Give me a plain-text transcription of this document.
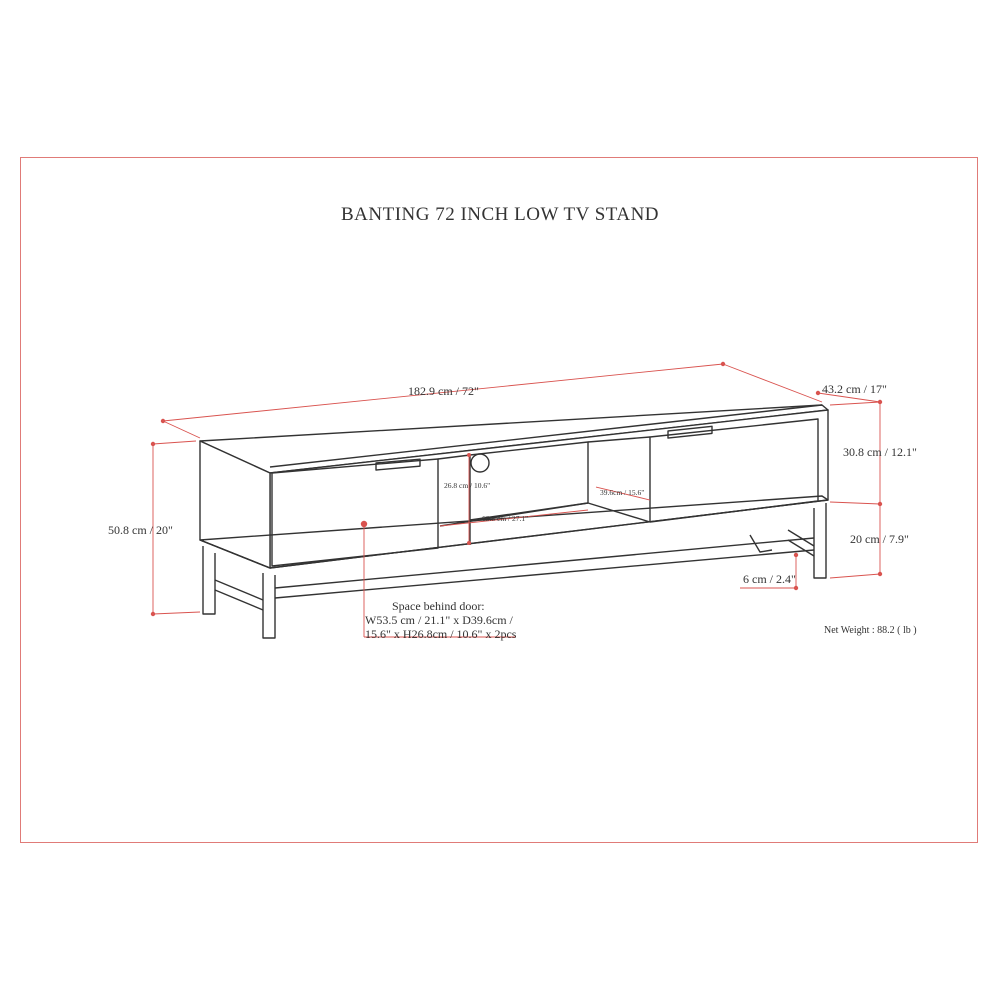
BANTING 72 INCH LOW TV STAND
182.9 cm / 72"	43.2 cm / 17"
50.8 cm / 20"
30.8 cm / 12.1"
20 cm / 7.9"
6 cm / 2.4"
26.8 cm / 10.6"
68.8 cm / 27.1"
39.6cm / 15.6"
Space behind door:
W53.5 cm / 21.1" x D39.6cm /
15.6" x H26.8cm / 10.6" x 2pcs	Net Weight : 88.2 ( lb )
